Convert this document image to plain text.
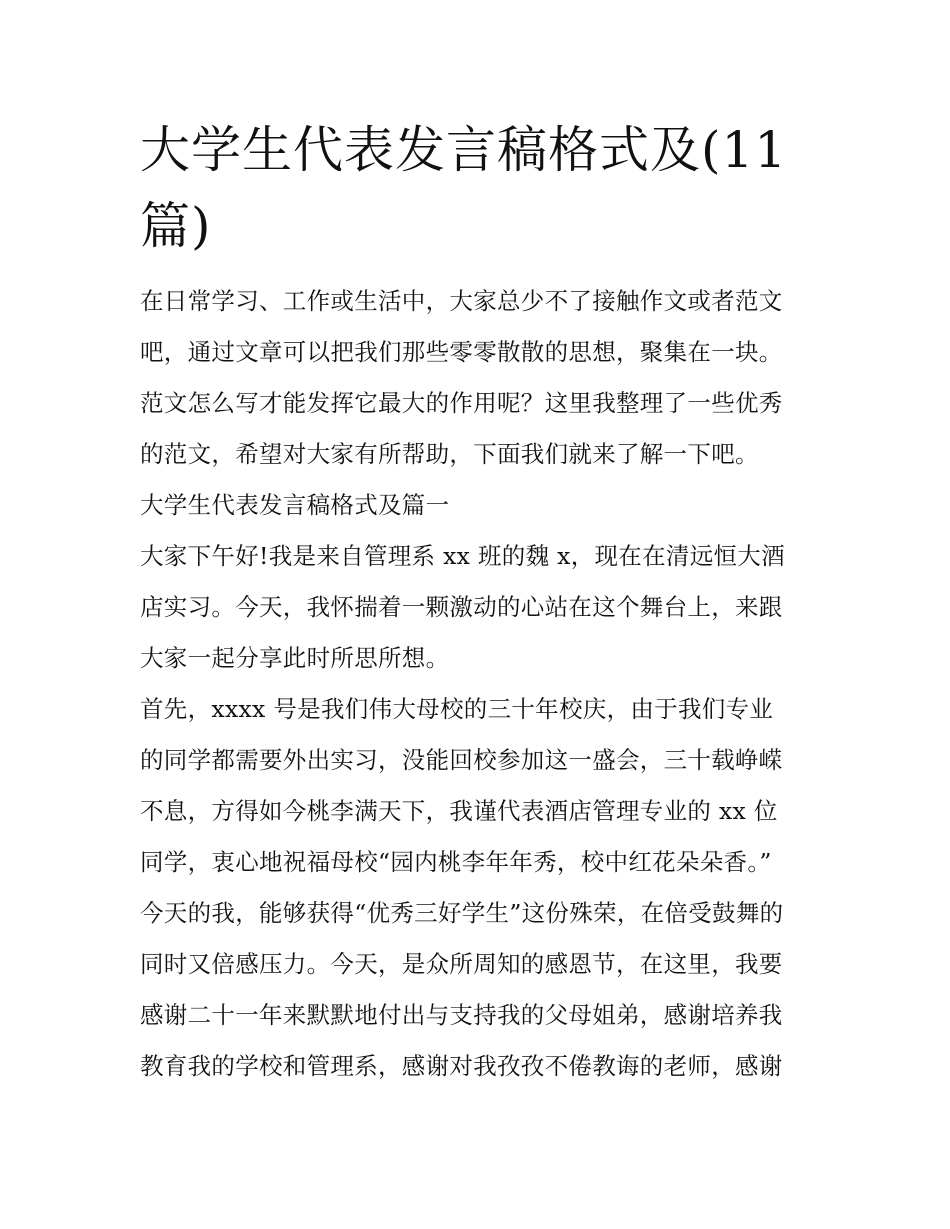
大学生代表发言稿格式及(11
篇)
在日常学习、工作或生活中，大家总少不了接触作文或者范文
吧，通过文章可以把我们那些零零散散的思想，聚集在一块。
范文怎么写才能发挥它最大的作用呢？这里我整理了一些优秀
的范文，希望对大家有所帮助，下面我们就来了解一下吧。
大学生代表发言稿格式及篇一
大家下午好!我是来自管理系 xx 班的魏 x，现在在清远恒大酒
店实习。今天，我怀揣着一颗激动的心站在这个舞台上，来跟
大家一起分享此时所思所想。
首先，xxxx 号是我们伟大母校的三十年校庆，由于我们专业
的同学都需要外出实习，没能回校参加这一盛会，三十载峥嵘
不息，方得如今桃李满天下，我谨代表酒店管理专业的 xx 位
同学，衷心地祝福母校“园内桃李年年秀，校中红花朵朵香。”
今天的我，能够获得“优秀三好学生”这份殊荣，在倍受鼓舞的
同时又倍感压力。今天，是众所周知的感恩节，在这里，我要
感谢二十一年来默默地付出与支持我的父母姐弟，感谢培养我
教育我的学校和管理系，感谢对我孜孜不倦教诲的老师，感谢
